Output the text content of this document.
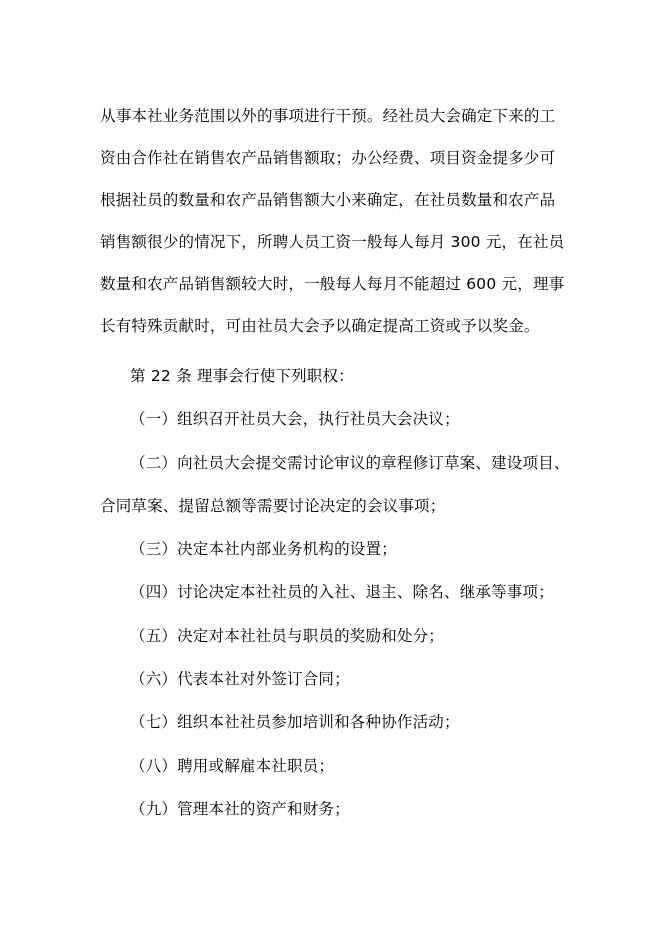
从事本社业务范围以外的事项进行干预。经社员大会确定下来的工
资由合作社在销售农产品销售额取；办公经费、项目资金提多少可
根据社员的数量和农产品销售额大小来确定，在社员数量和农产品
销售额很少的情况下，所聘人员工资一般每人每月 300 元，在社员
数量和农产品销售额较大时，一般每人每月不能超过 600 元，理事
长有特殊贡献时，可由社员大会予以确定提高工资或予以奖金。
第 22 条 理事会行使下列职权：
（一）组织召开社员大会，执行社员大会决议；
（二）向社员大会提交需讨论审议的章程修订草案、建设项目、
合同草案、提留总额等需要讨论决定的会议事项；
（三）决定本社内部业务机构的设置；
（四）讨论决定本社社员的入社、退主、除名、继承等事项；
（五）决定对本社社员与职员的奖励和处分；
（六）代表本社对外签订合同；
（七）组织本社社员参加培训和各种协作活动；
（八）聘用或解雇本社职员；
（九）管理本社的资产和财务；
